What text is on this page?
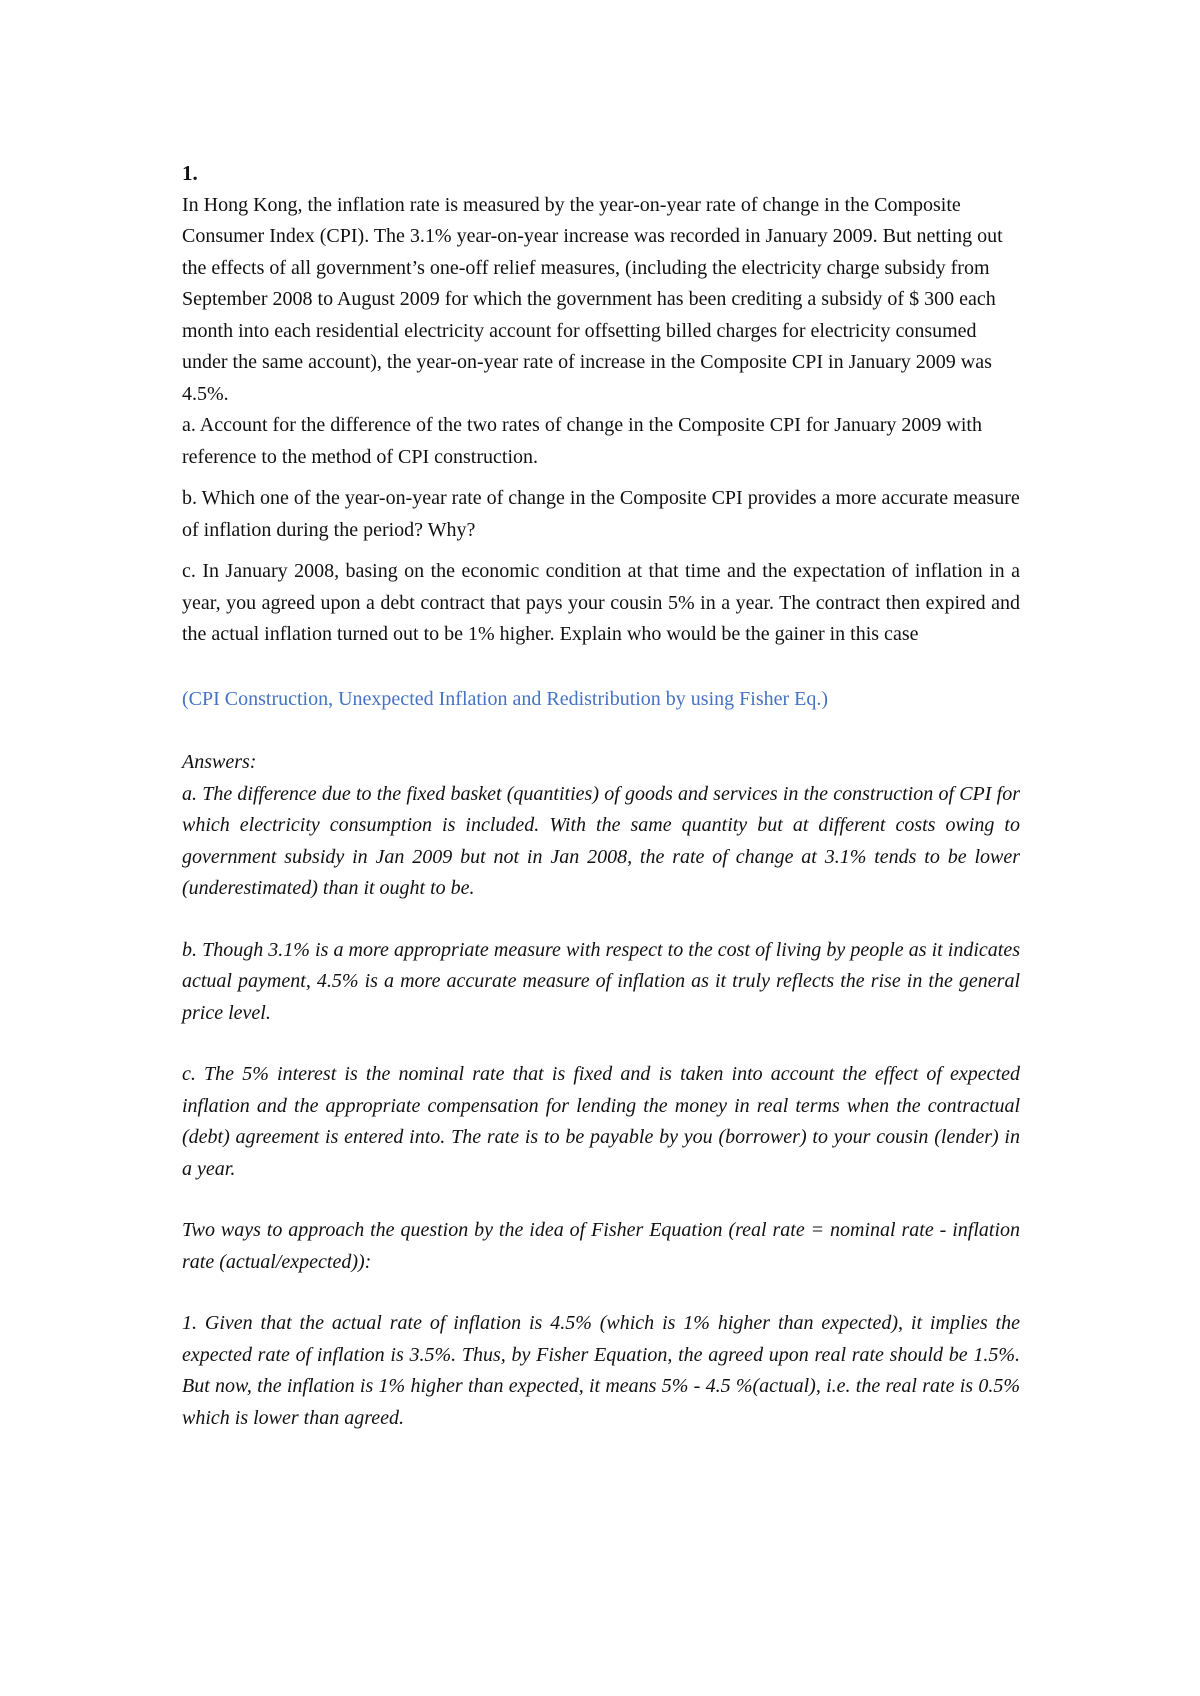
1.

In Hong Kong, the inflation rate is measured by the year-on-year rate of change in the Composite Consumer Index (CPI). The 3.1% year-on-year increase was recorded in January 2009. But netting out the effects of all government’s one-off relief measures, (including the electricity charge subsidy from September 2008 to August 2009 for which the government has been crediting a subsidy of $ 300 each month into each residential electricity account for offsetting billed charges for electricity consumed under the same account), the year-on-year rate of increase in the Composite CPI in January 2009 was 4.5%.

a. Account for the difference of the two rates of change in the Composite CPI for January 2009 with reference to the method of CPI construction.

b. Which one of the year-on-year rate of change in the Composite CPI provides a more accurate measure of inflation during the period? Why?

c. In January 2008, basing on the economic condition at that time and the expectation of inflation in a year, you agreed upon a debt contract that pays your cousin 5% in a year. The contract then expired and the actual inflation turned out to be 1% higher. Explain who would be the gainer in this case

(CPI Construction, Unexpected Inflation and Redistribution by using Fisher Eq.)

Answers:

a. The difference due to the fixed basket (quantities) of goods and services in the construction of CPI for which electricity consumption is included. With the same quantity but at different costs owing to government subsidy in Jan 2009 but not in Jan 2008, the rate of change at 3.1% tends to be lower (underestimated) than it ought to be.

b. Though 3.1% is a more appropriate measure with respect to the cost of living by people as it indicates actual payment, 4.5% is a more accurate measure of inflation as it truly reflects the rise in the general price level.

c. The 5% interest is the nominal rate that is fixed and is taken into account the effect of expected inflation and the appropriate compensation for lending the money in real terms when the contractual (debt) agreement is entered into. The rate is to be payable by you (borrower) to your cousin (lender) in a year.

Two ways to approach the question by the idea of Fisher Equation (real rate = nominal rate - inflation rate (actual/expected)):

1. Given that the actual rate of inflation is 4.5% (which is 1% higher than expected), it implies the expected rate of inflation is 3.5%. Thus, by Fisher Equation, the agreed upon real rate should be 1.5%. But now, the inflation is 1% higher than expected, it means 5% - 4.5 %(actual), i.e. the real rate is 0.5% which is lower than agreed.
